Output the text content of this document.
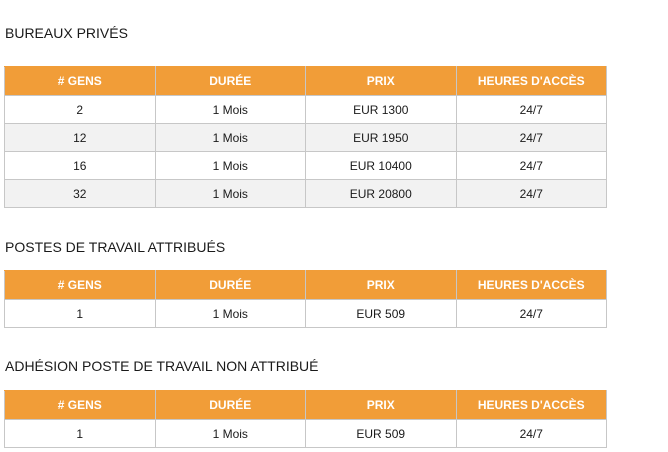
BUREAUX PRIVÉS
# GENS	DURÉE	PRIX	HEURES D'ACCÈS
2	1 Mois	EUR 1300	24/7
12	1 Mois	EUR 1950	24/7
16	1 Mois	EUR 10400	24/7
32	1 Mois	EUR 20800	24/7
POSTES DE TRAVAIL ATTRIBUÉS
# GENS	DURÉE	PRIX	HEURES D'ACCÈS
1	1 Mois	EUR 509	24/7
ADHÉSION POSTE DE TRAVAIL NON ATTRIBUÉ
# GENS	DURÉE	PRIX	HEURES D'ACCÈS
1	1 Mois	EUR 509	24/7
